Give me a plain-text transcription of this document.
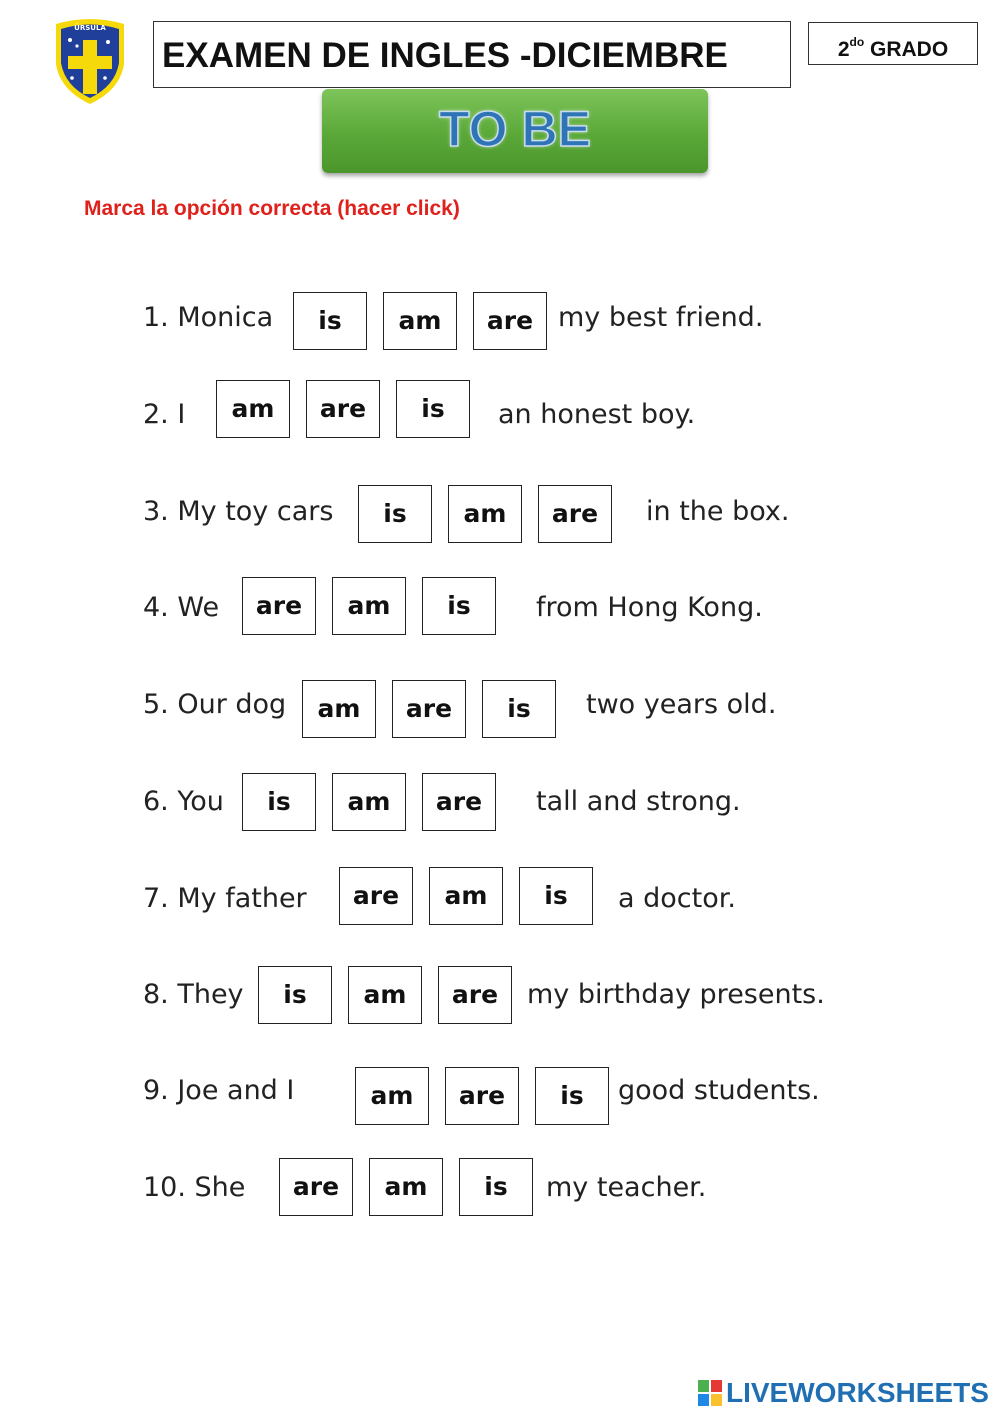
ÚRSULA
EXAMEN DE INGLES -DICIEMBRE	$2^{do}$ GRADO
TO BE
Marca la opción correcta (hacer click)
1. Monica	is	am	are my best friend.
2. I	am	are	is	an honest boy.
3. My toy cars	is	am	are	in the box.
4. We	are	am	is	from Hong Kong.
5. Our dog	am	are	is	two years old.
6. You	is	am	are	tall and strong.
7. My father	are	am	is	a doctor.
8. They	is	am	are	my birthday presents.
9. Joe and I	am	are	is	good students.
10. She	are	am	is	my teacher.
LIVEWORKSHEETS
